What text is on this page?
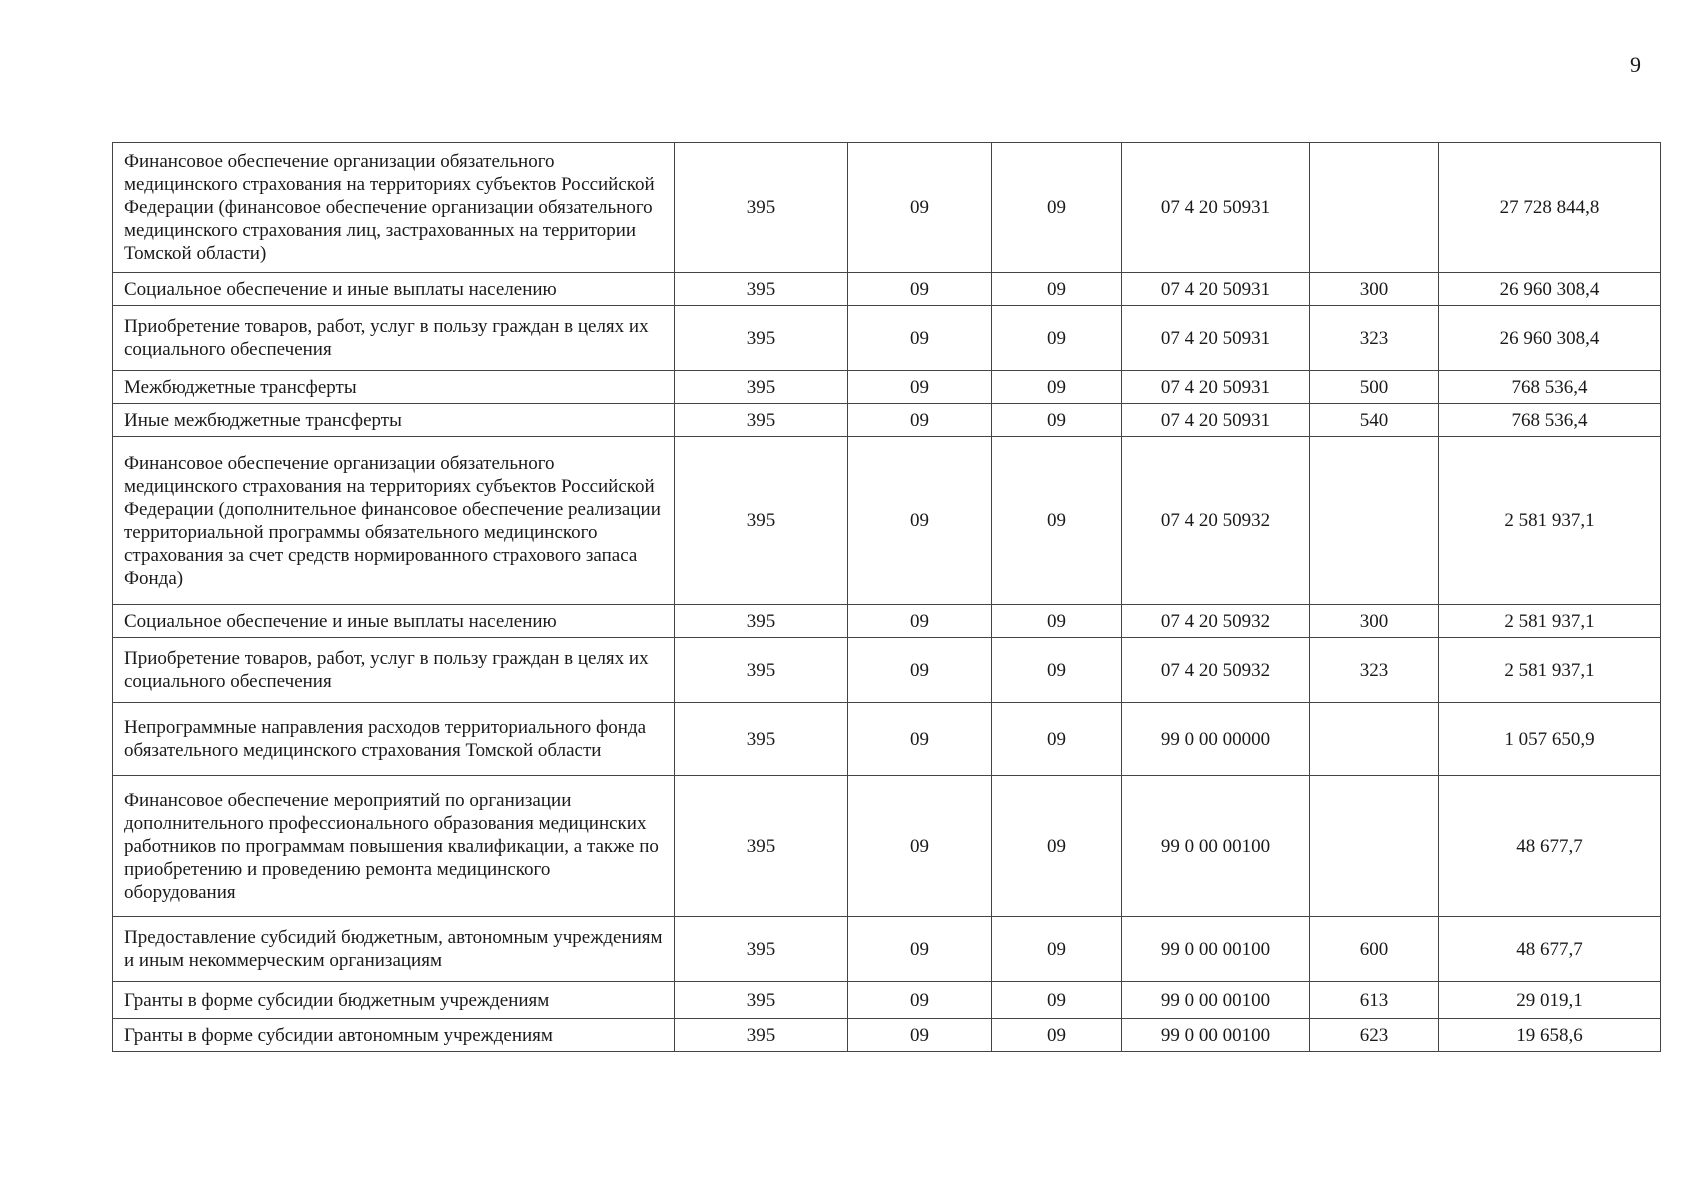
9
Финансовое обеспечение организации обязательного медицинского страхования на территориях субъектов Российской Федерации (финансовое обеспечение организации обязательного медицинского страхования лиц, застрахованных на территории Томской области)	395	09	09	07 4 20 50931		27 728 844,8
Социальное обеспечение и иные выплаты населению	395	09	09	07 4 20 50931	300	26 960 308,4
Приобретение товаров, работ, услуг в пользу граждан в целях их социального обеспечения	395	09	09	07 4 20 50931	323	26 960 308,4
Межбюджетные трансферты	395	09	09	07 4 20 50931	500	768 536,4
Иные межбюджетные трансферты	395	09	09	07 4 20 50931	540	768 536,4
Финансовое обеспечение организации обязательного медицинского страхования на территориях субъектов Российской Федерации (дополнительное финансовое обеспечение реализации территориальной программы обязательного медицинского страхования за счет средств нормированного страхового запаса Фонда)	395	09	09	07 4 20 50932		2 581 937,1
Социальное обеспечение и иные выплаты населению	395	09	09	07 4 20 50932	300	2 581 937,1
Приобретение товаров, работ, услуг в пользу граждан в целях их социального обеспечения	395	09	09	07 4 20 50932	323	2 581 937,1
Непрограммные направления расходов территориального фонда обязательного медицинского страхования Томской области	395	09	09	99 0 00 00000		1 057 650,9
Финансовое обеспечение мероприятий по организации дополнительного профессионального образования медицинских работников по программам повышения квалификации, а также по приобретению и проведению ремонта медицинского оборудования	395	09	09	99 0 00 00100		48 677,7
Предоставление субсидий бюджетным, автономным учреждениям и иным некоммерческим организациям	395	09	09	99 0 00 00100	600	48 677,7
Гранты в форме субсидии бюджетным учреждениям	395	09	09	99 0 00 00100	613	29 019,1
Гранты в форме субсидии автономным учреждениям	395	09	09	99 0 00 00100	623	19 658,6
